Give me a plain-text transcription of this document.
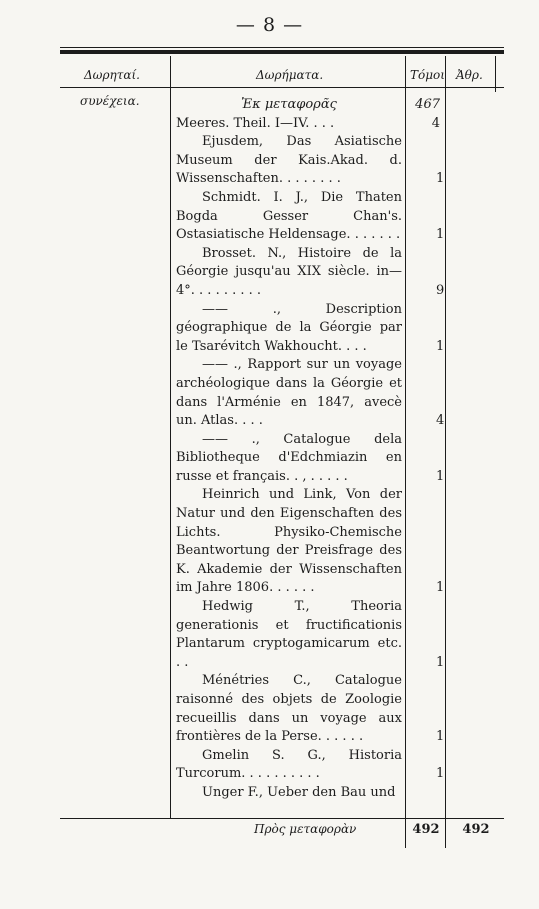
— 8 —
Δωρηταί.	Δωρήματα.	Τόμοι Ἀθρ.
συνέχεια.	Ἐκ μεταφορᾶς	467
Meeres. Theil. I—IV. . . .	4
Ejusdem, Das Asiatische Museum der Kais.Akad. d. Wissenschaften. . . . . . . .	1
Schmidt. I. J., Die Thaten Bogda Gesser Chan's. Ostasiatische Heldensage. . . . . . .	1
Brosset. N., Histoire de la Géorgie jusqu'au XIX siècle. in—4°. . . . . . . . .	9
—— ., Description géographique de la Géorgie par le Tsarévitch Wakhoucht. . . .	1
—— ., Rapport sur un voyage archéologique dans la Géorgie et dans l'Arménie en 1847, avecè un. Atlas. . . .	4
—— ., Catalogue dela Bibliotheque d'Edchmiazin en russe et français. . , . . . . .	1
Heinrich und Link, Von der Natur und den Eigenschaften des Lichts. Physiko-Chemische Beantwortung der Preisfrage des K. Akademie der Wissenschaften im Jahre 1806. . . . . .	1
Hedwig T., Theoria generationis et fructificationis Plantarum cryptogamicarum etc. . .	1
Ménétries C., Catalogue raisonné des objets de Zoologie recueillis dans un voyage aux frontières de la Perse. . . . . .	1
Gmelin S. G., Historia Turcorum. . . . . . . . . .	1
Unger F., Ueber den Bau und
Πρὸς μεταφορὰν	492	492
